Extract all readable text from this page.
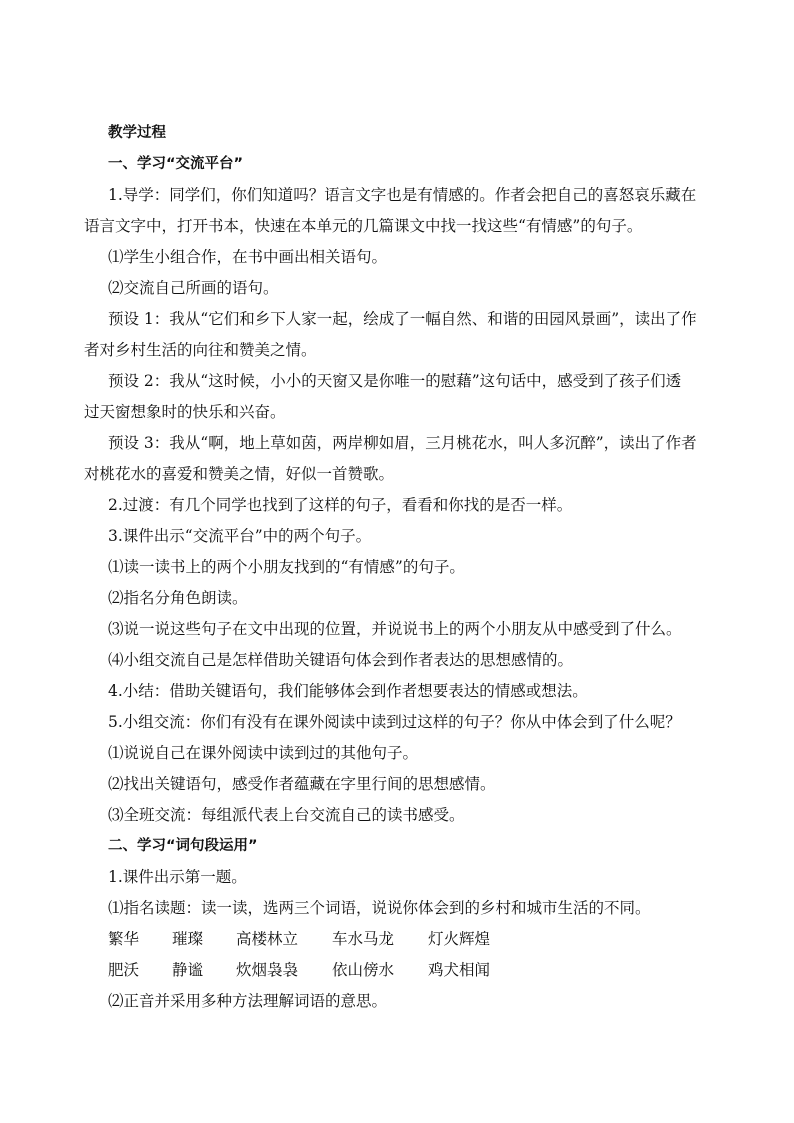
教学过程

一、学习“交流平台”

1.导学：同学们，你们知道吗？语言文字也是有情感的。作者会把自己的喜怒哀乐藏在

语言文字中，打开书本，快速在本单元的几篇课文中找一找这些“有情感”的句子。

⑴学生小组合作，在书中画出相关语句。

⑵交流自己所画的语句。

预设 1：我从“它们和乡下人家一起，绘成了一幅自然、和谐的田园风景画”，读出了作

者对乡村生活的向往和赞美之情。

预设 2：我从“这时候，小小的天窗又是你唯一的慰藉”这句话中，感受到了孩子们透

过天窗想象时的快乐和兴奋。

预设 3：我从“啊，地上草如茵，两岸柳如眉，三月桃花水，叫人多沉醉”，读出了作者

对桃花水的喜爱和赞美之情，好似一首赞歌。

2.过渡：有几个同学也找到了这样的句子，看看和你找的是否一样。

3.课件出示“交流平台”中的两个句子。

⑴读一读书上的两个小朋友找到的“有情感”的句子。

⑵指名分角色朗读。

⑶说一说这些句子在文中出现的位置，并说说书上的两个小朋友从中感受到了什么。

⑷小组交流自己是怎样借助关键语句体会到作者表达的思想感情的。

4.小结：借助关键语句，我们能够体会到作者想要表达的情感或想法。

5.小组交流：你们有没有在课外阅读中读到过这样的句子？你从中体会到了什么呢？

⑴说说自己在课外阅读中读到过的其他句子。

⑵找出关键语句，感受作者蕴藏在字里行间的思想感情。

⑶全班交流：每组派代表上台交流自己的读书感受。

二、学习“词句段运用”

1.课件出示第一题。

⑴指名读题：读一读，选两三个词语，说说你体会到的乡村和城市生活的不同。

繁华	璀璨	高楼林立	车水马龙	灯火辉煌
肥沃	静谧	炊烟袅袅	依山傍水	鸡犬相闻

⑵正音并采用多种方法理解词语的意思。
